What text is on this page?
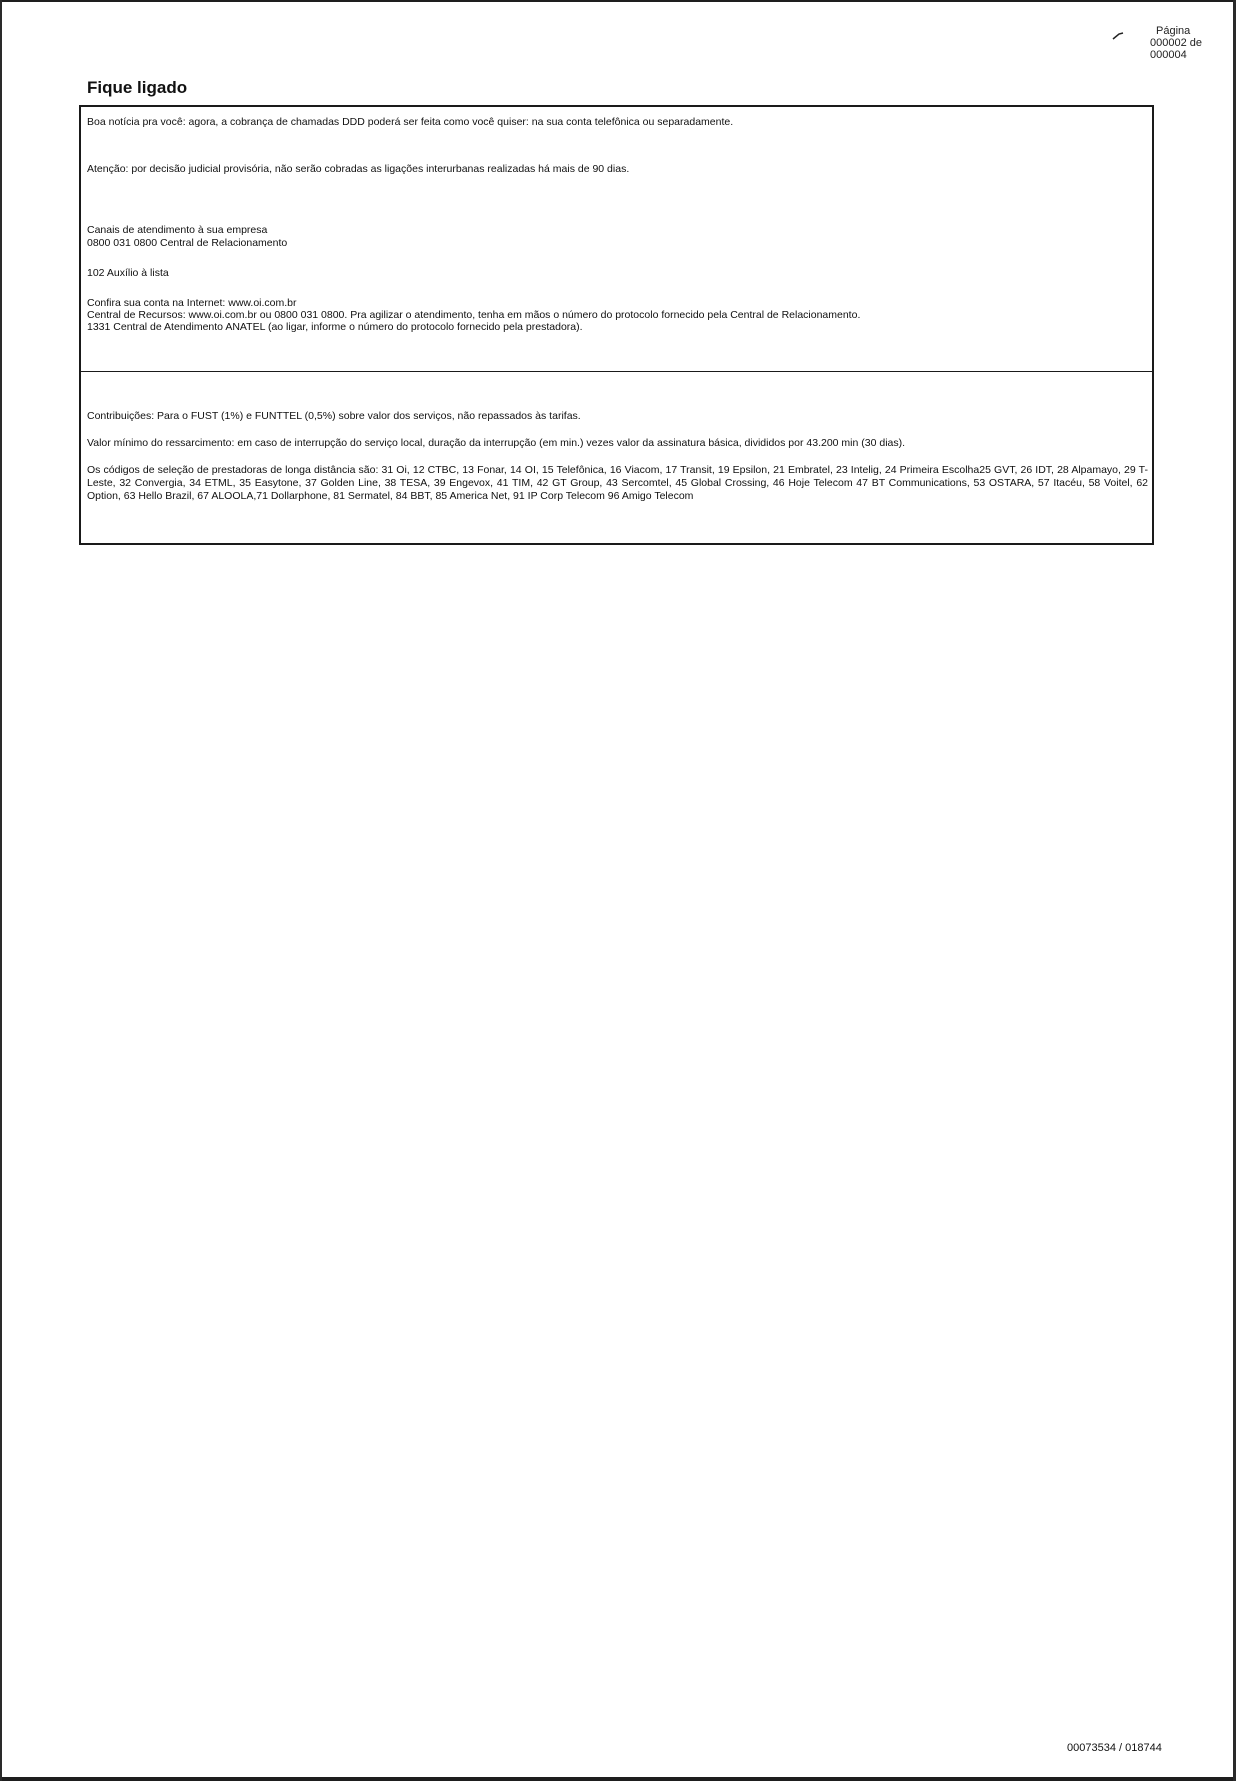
Página
000002 de
000004
Fique ligado
Boa notícia pra você: agora, a cobrança de chamadas DDD poderá ser feita como você quiser: na sua conta telefônica ou separadamente.
Atenção: por decisão judicial provisória, não serão cobradas as ligações interurbanas realizadas há mais de 90 dias.
Canais de atendimento à sua empresa
0800 031 0800 Central de Relacionamento
102 Auxílio à lista
Confira sua conta na Internet: www.oi.com.br
Central de Recursos: www.oi.com.br ou 0800 031 0800. Pra agilizar o atendimento, tenha em mãos o número do protocolo fornecido pela Central de Relacionamento.
1331 Central de Atendimento ANATEL (ao ligar, informe o número do protocolo fornecido pela prestadora).
Contribuições: Para o FUST (1%) e FUNTTEL (0,5%) sobre valor dos serviços, não repassados às tarifas.
Valor mínimo do ressarcimento: em caso de interrupção do serviço local, duração da interrupção (em min.) vezes valor da assinatura básica, divididos por 43.200 min (30 dias).
Os códigos de seleção de prestadoras de longa distância são: 31 Oi, 12 CTBC, 13 Fonar, 14 OI, 15 Telefônica, 16 Viacom, 17 Transit, 19 Epsilon, 21 Embratel, 23 Intelig, 24 Primeira Escolha25 GVT, 26 IDT, 28 Alpamayo, 29 T-Leste, 32 Convergia, 34 ETML, 35 Easytone, 37 Golden Line, 38 TESA, 39 Engevox, 41 TIM, 42 GT Group, 43 Sercomtel, 45 Global Crossing, 46 Hoje Telecom 47 BT Communications, 53 OSTARA, 57 Itacéu, 58 Voitel, 62 Option, 63 Hello Brazil, 67 ALOOLA,71 Dollarphone, 81 Sermatel, 84 BBT, 85 America Net, 91 IP Corp Telecom 96 Amigo Telecom
00073534 / 018744
